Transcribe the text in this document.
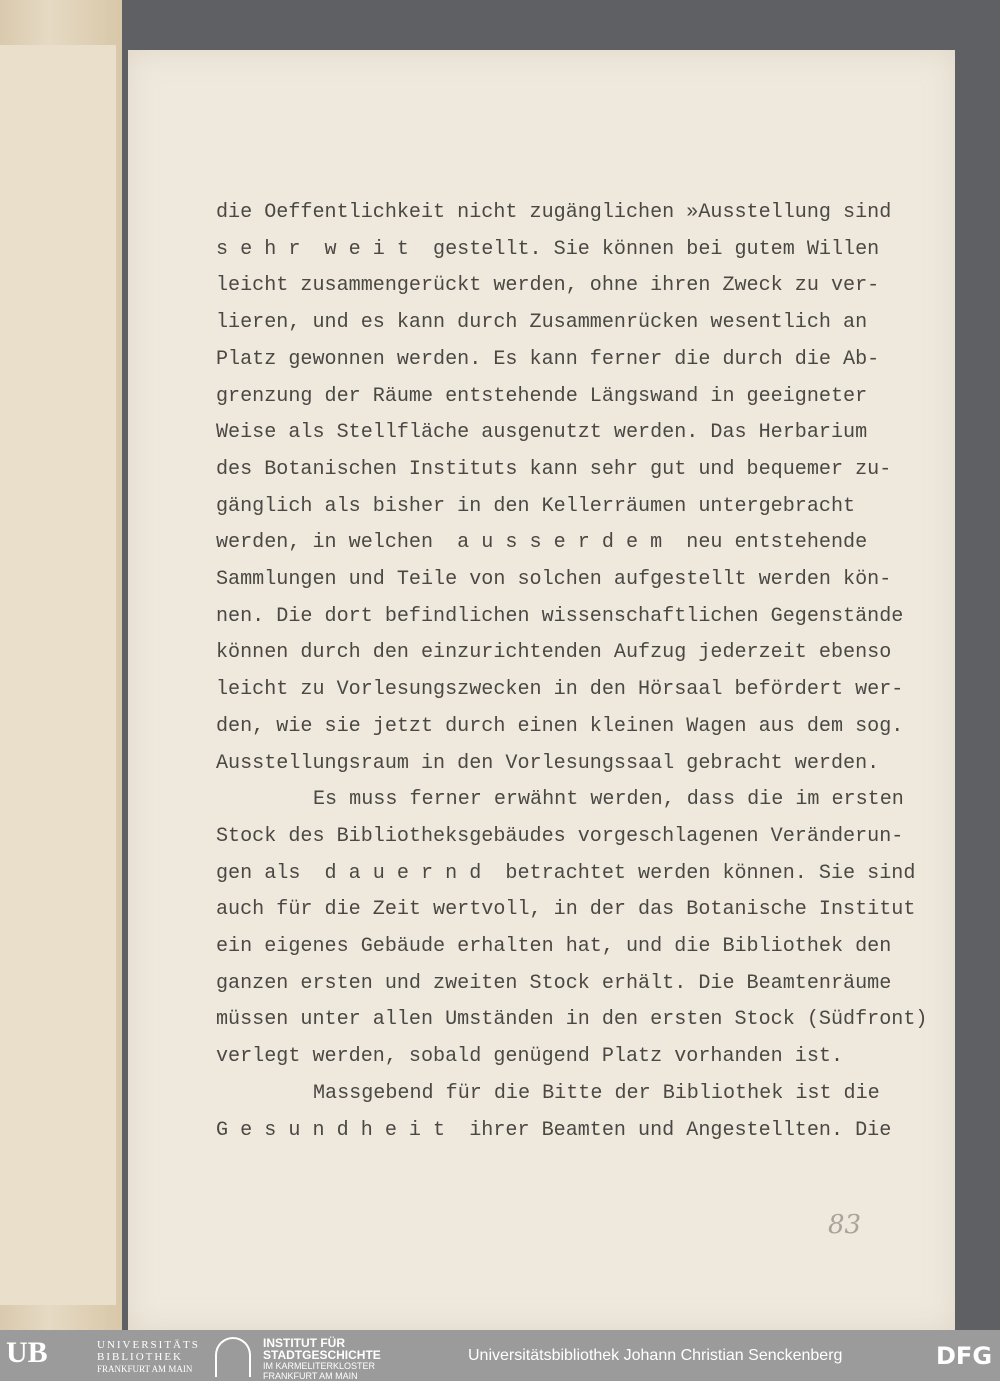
die Oeffentlichkeit nicht zugänglichen »Ausstellung sind
s e h r  w e i t  gestellt. Sie können bei gutem Willen
leicht zusammengerückt werden, ohne ihren Zweck zu ver-
lieren, und es kann durch Zusammenrücken wesentlich an
Platz gewonnen werden. Es kann ferner die durch die Ab-
grenzung der Räume entstehende Längswand in geeigneter
Weise als Stellfläche ausgenutzt werden. Das Herbarium
des Botanischen Instituts kann sehr gut und bequemer zu-
gänglich als bisher in den Kellerräumen untergebracht
werden, in welchen  a u s s e r d e m  neu entstehende
Sammlungen und Teile von solchen aufgestellt werden kön-
nen. Die dort befindlichen wissenschaftlichen Gegenstände
können durch den einzurichtenden Aufzug jederzeit ebenso
leicht zu Vorlesungszwecken in den Hörsaal befördert wer-
den, wie sie jetzt durch einen kleinen Wagen aus dem sog.
Ausstellungsraum in den Vorlesungssaal gebracht werden.
Es muss ferner erwähnt werden, dass die im ersten
Stock des Bibliotheksgebäudes vorgeschlagenen Veränderun-
gen als  d a u e r n d  betrachtet werden können. Sie sind
auch für die Zeit wertvoll, in der das Botanische Institut
ein eigenes Gebäude erhalten hat, und die Bibliothek den
ganzen ersten und zweiten Stock erhält. Die Beamtenräume
müssen unter allen Umständen in den ersten Stock (Südfront)
verlegt werden, sobald genügend Platz vorhanden ist.
Massgebend für die Bitte der Bibliothek ist die
G e s u n d h e i t  ihrer Beamten und Angestellten. Die
83
UB	UNIVERSITÄTS
BIBLIOTHEK
FRANKFURT AM MAIN
INSTITUT FÜR
STADTGESCHICHTE
IM KARMELITERKLOSTER
FRANKFURT AM MAIN
Universitätsbibliothek Johann Christian Senckenberg	DFG
